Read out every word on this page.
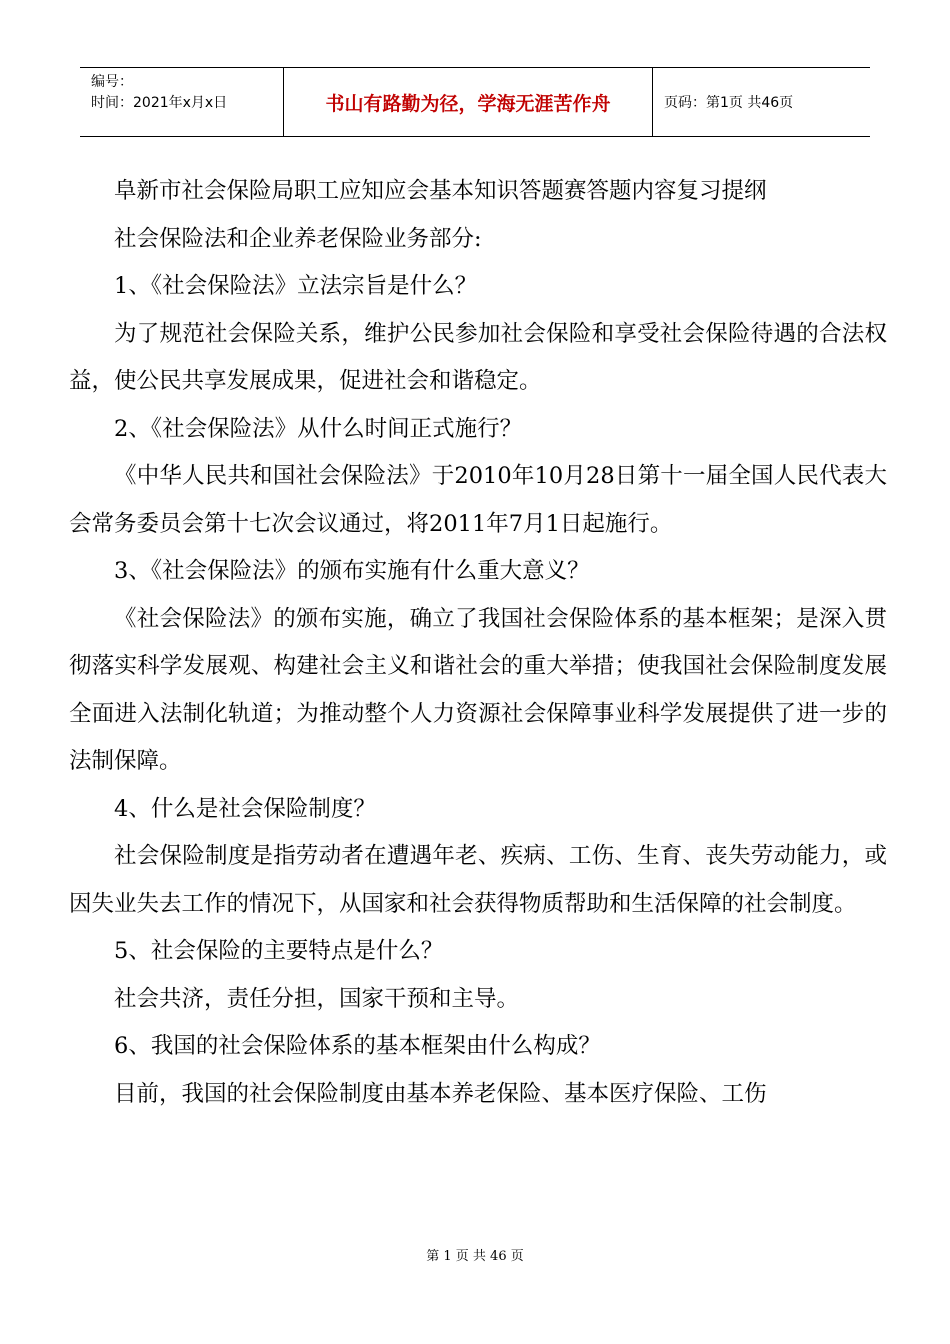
编号：
时间：2021年x月x日	书山有路勤为径，学海无涯苦作舟	页码：第1页 共46页

阜新市社会保险局职工应知应会基本知识答题赛答题内容复习提纲

社会保险法和企业养老保险业务部分:

1、《社会保险法》立法宗旨是什么？

为了规范社会保险关系，维护公民参加社会保险和享受社会保险待遇的合法权益，使公民共享发展成果，促进社会和谐稳定。

2、《社会保险法》从什么时间正式施行？

《中华人民共和国社会保险法》于2010年10月28日第十一届全国人民代表大会常务委员会第十七次会议通过，将2011年7月1日起施行。

3、《社会保险法》的颁布实施有什么重大意义？

《社会保险法》的颁布实施，确立了我国社会保险体系的基本框架；是深入贯彻落实科学发展观、构建社会主义和谐社会的重大举措；使我国社会保险制度发展全面进入法制化轨道；为推动整个人力资源社会保障事业科学发展提供了进一步的法制保障。

4、什么是社会保险制度？

社会保险制度是指劳动者在遭遇年老、疾病、工伤、生育、丧失劳动能力，或因失业失去工作的情况下，从国家和社会获得物质帮助和生活保障的社会制度。

5、社会保险的主要特点是什么？

社会共济，责任分担，国家干预和主导。

6、我国的社会保险体系的基本框架由什么构成？

目前，我国的社会保险制度由基本养老保险、基本医疗保险、工伤

第 1 页 共 46 页
